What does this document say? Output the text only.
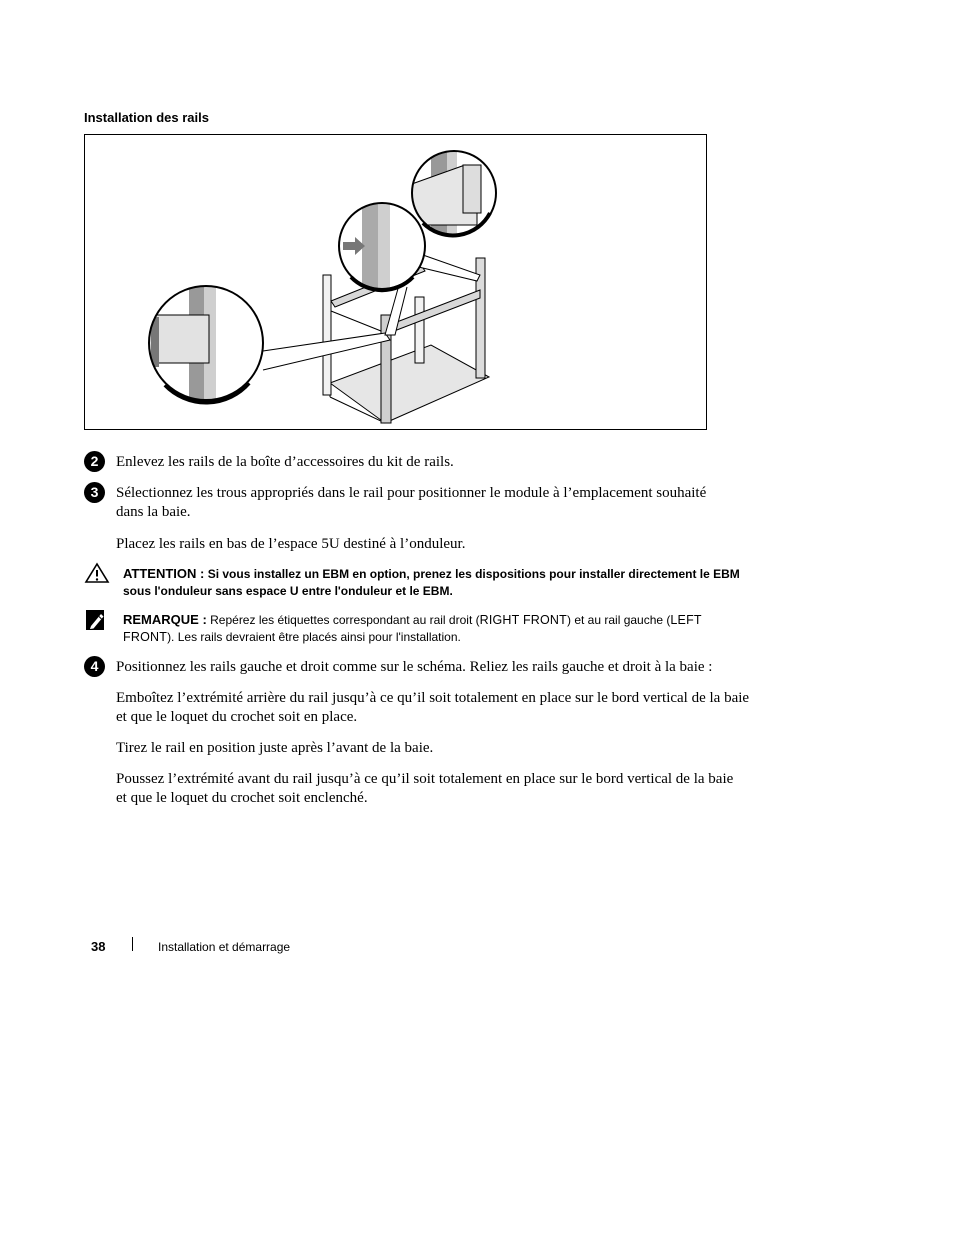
Installation des rails
2	Enlevez les rails de la boîte d’accessoires du kit de rails.
3	Sélectionnez les trous appropriés dans le rail pour positionner le module à l’emplacement souhaité dans la baie.
Placez les rails en bas de l’espace 5U destiné à l’onduleur.
ATTENTION : Si vous installez un EBM en option, prenez les dispositions pour installer directement le EBM sous l'onduleur sans espace U entre l'onduleur et le EBM.
REMARQUE : Repérez les étiquettes correspondant au rail droit (RIGHT FRONT) et au rail gauche (LEFT FRONT). Les rails devraient être placés ainsi pour l'installation.
4	Positionnez les rails gauche et droit comme sur le schéma. Reliez les rails gauche et droit à la baie :
Emboîtez l’extrémité arrière du rail jusqu’à ce qu’il soit totalement en place sur le bord vertical de la baie et que le loquet du crochet soit en place.
Tirez le rail en position juste après l’avant de la baie.
Poussez l’extrémité avant du rail jusqu’à ce qu’il soit totalement en place sur le bord vertical de la baie et que le loquet du crochet soit enclenché.
38	Installation et démarrage
